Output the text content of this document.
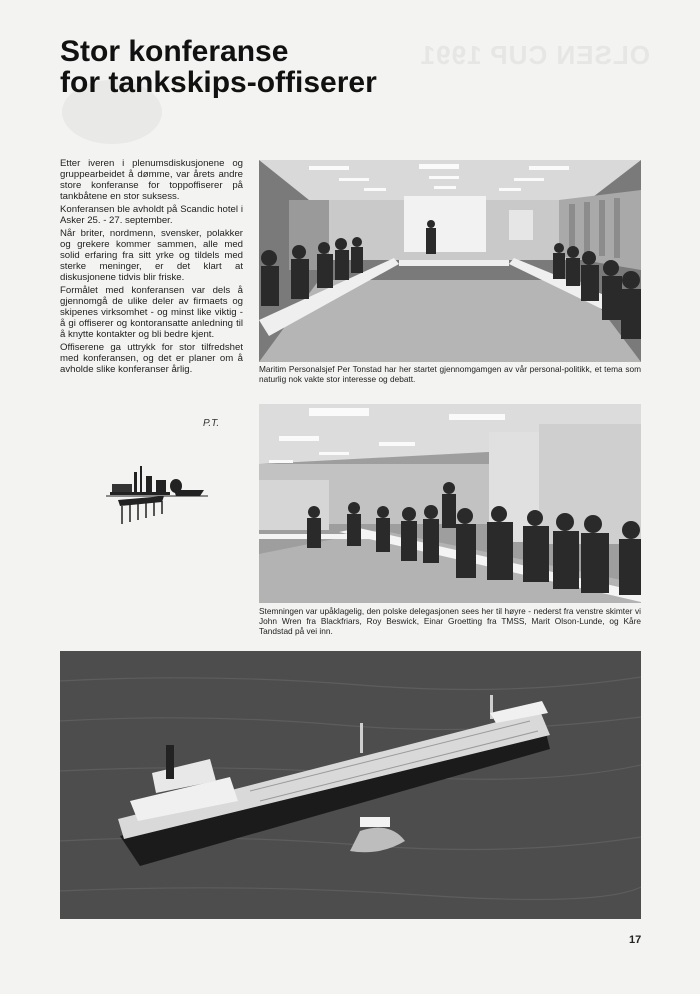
OLSEN CUP 1991
Stor konferanse
for tankskips-offiserer

Etter iveren i plenumsdiskusjonene og gruppearbeidet å dømme, var årets andre store konferanse for toppoffiserer på tankbåtene en stor suksess.

Konferansen ble avholdt på Scandic hotel i Asker 25. - 27. september.

Når briter, nordmenn, svensker, polakker og grekere kommer sammen, alle med solid erfaring fra sitt yrke og tildels med sterke meninger, er det klart at diskusjonene tidvis blir friske.

Formålet med konferansen var dels å gjennomgå de ulike deler av firmaets og skipenes virksomhet - og minst like viktig - å gi offiserer og kontoransatte anledning til å knytte kontakter og bli bedre kjent.

Offiserene ga uttrykk for stor tilfredshet med konferansen, og det er planer om å avholde slike konferanser årlig.

P.T.
Maritim Personalsjef Per Tonstad har her startet gjennomgamgen av vår personal-politikk, et tema som naturlig nok vakte stor interesse og debatt.
Stemningen var upåklagelig, den polske delegasjonen sees her til høyre - nederst fra venstre skimter vi John Wren fra Blackfriars, Roy Beswick, Einar Groetting fra TMSS, Marit Olson-Lunde, og Kåre Tandstad på vei inn.
17
